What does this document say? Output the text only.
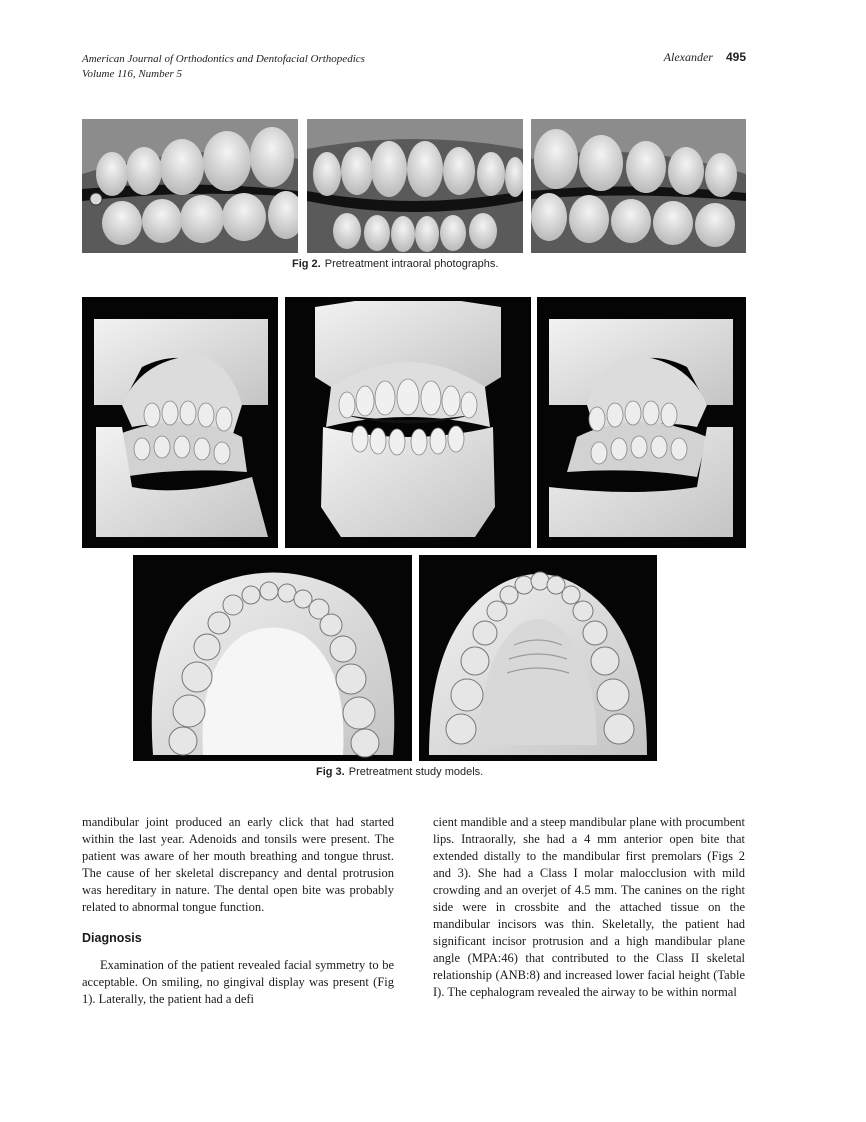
American Journal of Orthodontics and Dentofacial Orthopedics
Volume 116, Number 5
Alexander 495
Fig 2. Pretreatment intraoral photographs.
Fig 3. Pretreatment study models.

mandibular joint produced an early click that had started within the last year. Adenoids and tonsils were present. The patient was aware of her mouth breathing and tongue thrust. The cause of her skeletal discrepancy and dental protrusion was hereditary in nature. The dental open bite was probably related to abnormal tongue function.

Diagnosis

Examination of the patient revealed facial symmetry to be acceptable. On smiling, no gingival display was present (Fig 1). Laterally, the patient had a defi

cient mandible and a steep mandibular plane with procumbent lips. Intraorally, she had a 4 mm anterior open bite that extended distally to the mandibular first premolars (Figs 2 and 3). She had a Class I molar malocclusion with mild crowding and an overjet of 4.5 mm. The canines on the right side were in crossbite and the attached tissue on the mandibular incisors was thin. Skeletally, the patient had significant incisor protrusion and a high mandibular plane angle (MPA:46) that contributed to the Class II skeletal relationship (ANB:8) and increased lower facial height (Table I). The cephalogram revealed the airway to be within normal
